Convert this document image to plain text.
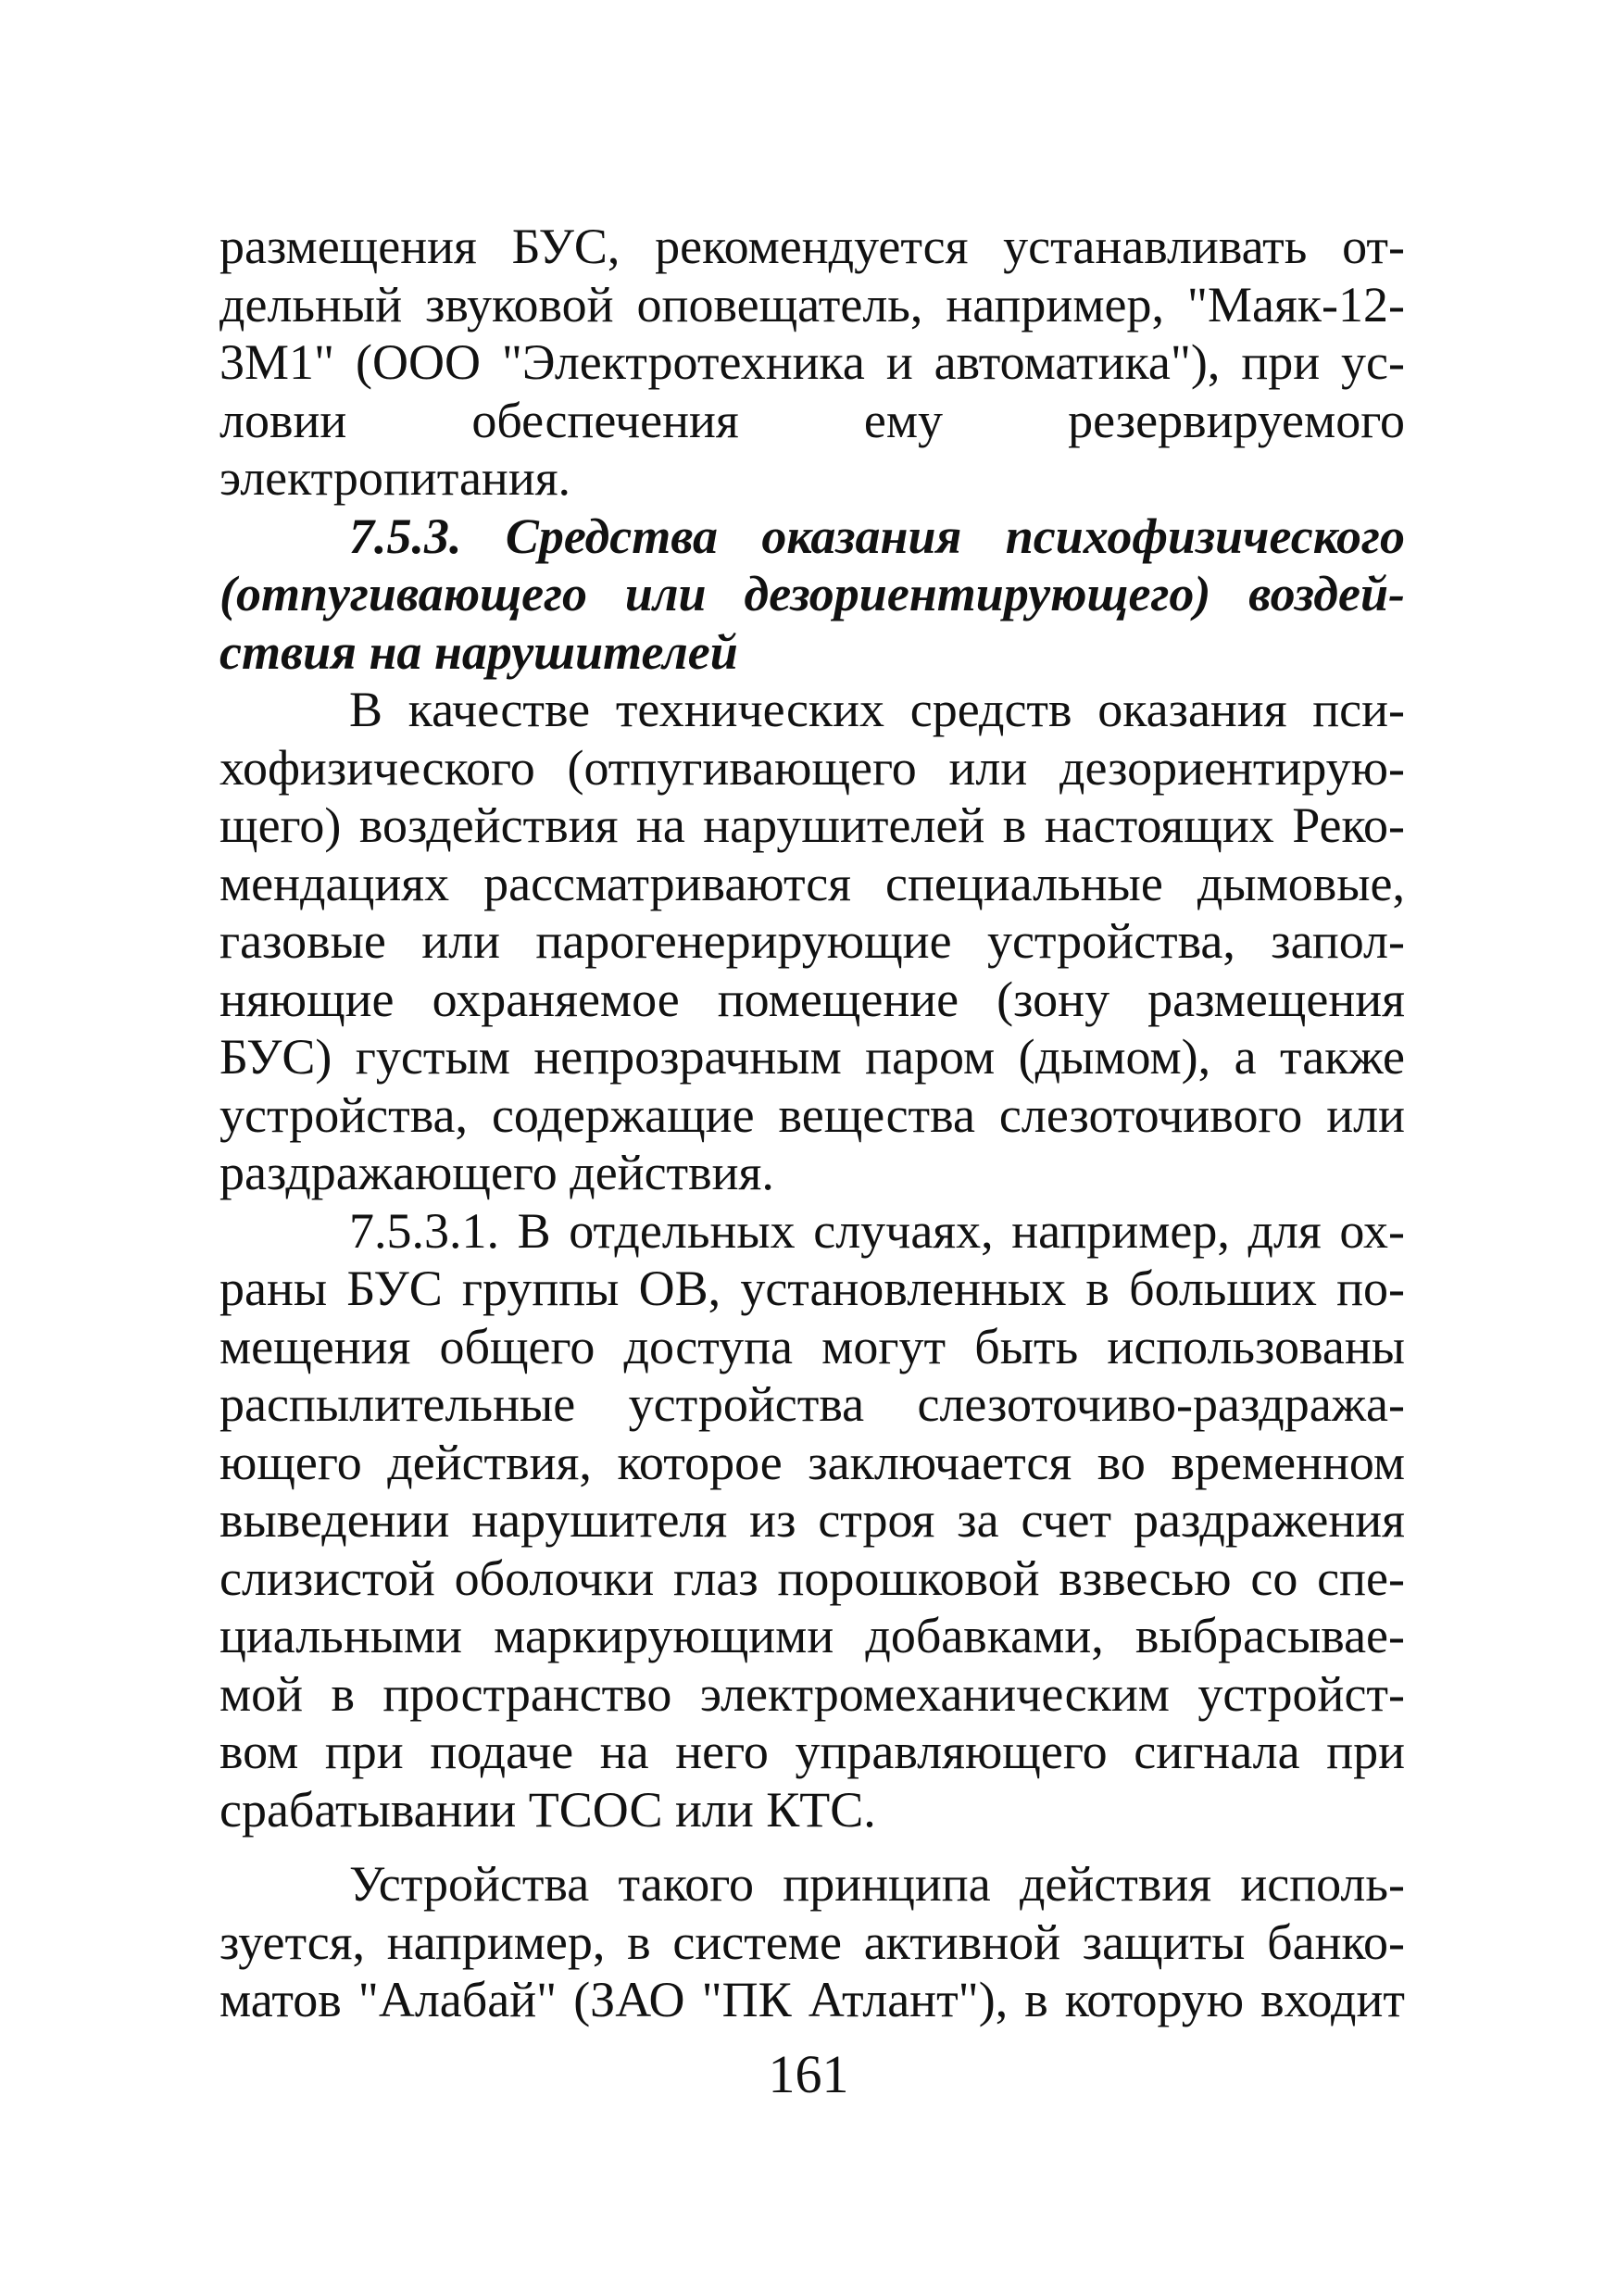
размещения БУС, рекомендуется устанавливать от-
дельный звуковой оповещатель, например, "Маяк-12-
3М1" (ООО "Электротехника и автоматика"), при ус-
ловии обеспечения ему резервируемого электропитания.

7.5.3. Средства оказания психофизического
(отпугивающего или дезориентирующего) воздей-
ствия на нарушителей

В качестве технических средств оказания пси-
хофизического (отпугивающего или дезориентирую-
щего) воздействия на нарушителей в настоящих Реко-
мендациях рассматриваются специальные дымовые,
газовые или парогенерирующие устройства, запол-
няющие охраняемое помещение (зону размещения
БУС) густым непрозрачным паром (дымом), а также
устройства, содержащие вещества слезоточивого или
раздражающего действия.

7.5.3.1. В отдельных случаях, например, для ох-
раны БУС группы ОВ, установленных в больших по-
мещения общего доступа могут быть использованы
распылительные устройства слезоточиво-раздража-
ющего действия, которое заключается во временном
выведении нарушителя из строя за счет раздражения
слизистой оболочки глаз порошковой взвесью со спе-
циальными маркирующими добавками, выбрасывае-
мой в пространство электромеханическим устройст-
вом при подаче на него управляющего сигнала при
срабатывании ТСОС или КТС.

Устройства такого принципа действия исполь-
зуется, например, в системе активной защиты банко-
матов "Алабай" (ЗАО "ПК Атлант"), в которую входит

161
